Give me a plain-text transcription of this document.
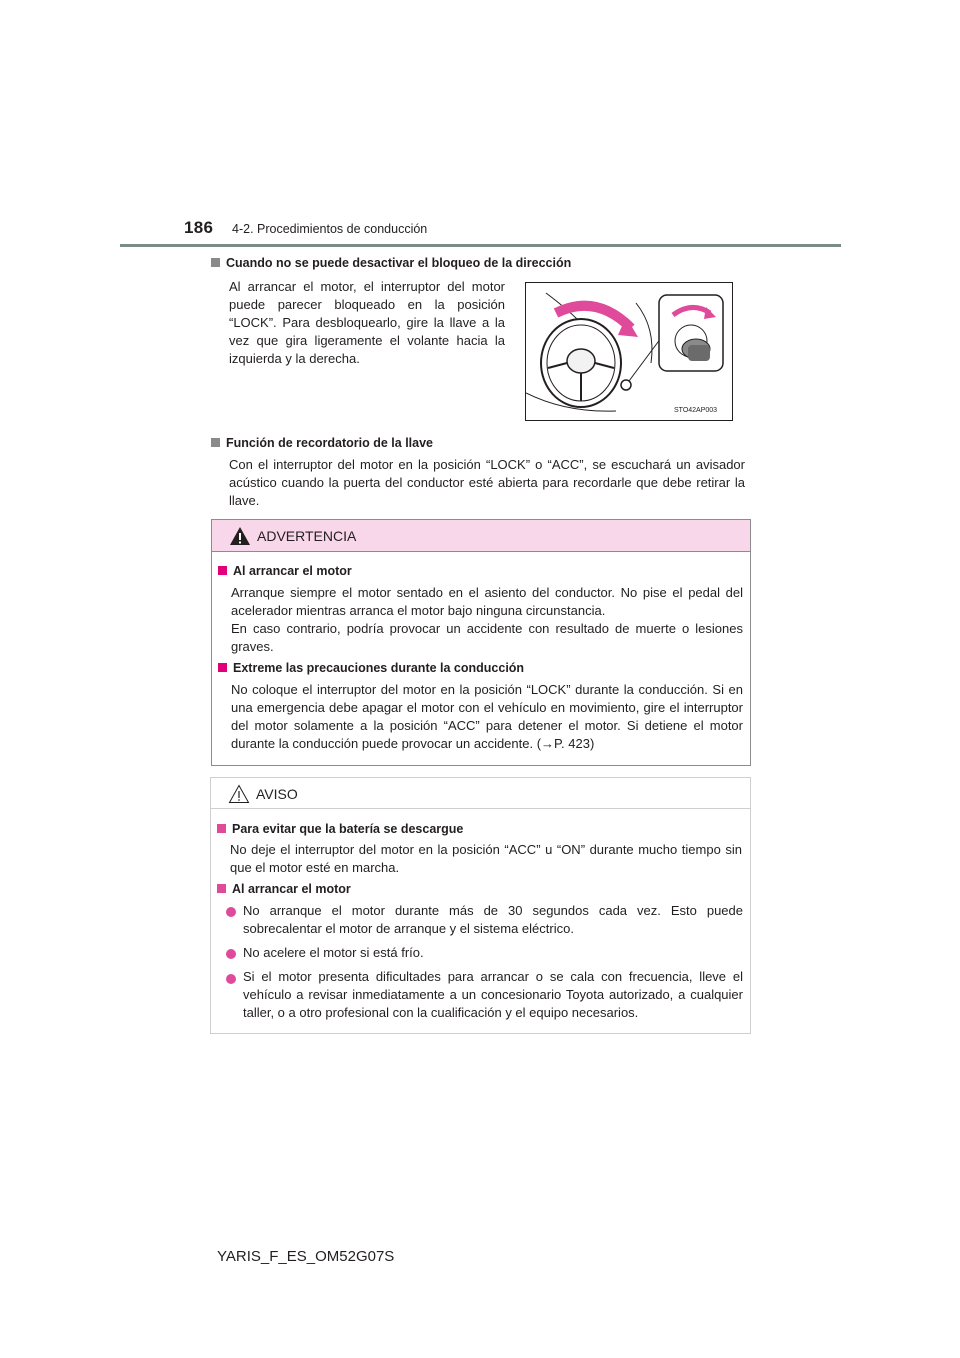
186 4-2. Procedimientos de conducción
Cuando no se puede desactivar el bloqueo de la dirección
Al arrancar el motor, el interruptor del motor puede parecer bloqueado en la posición “LOCK”. Para desbloquearlo, gire la llave a la vez que gira ligeramente el volante hacia la izquierda y la derecha.
STO42AP003
Función de recordatorio de la llave
Con el interruptor del motor en la posición “LOCK” o “ACC”, se escuchará un avisador acústico cuando la puerta del conductor esté abierta para recordarle que debe retirar la llave.
ADVERTENCIA
Al arrancar el motor
Arranque siempre el motor sentado en el asiento del conductor. No pise el pedal del acelerador mientras arranca el motor bajo ninguna circunstancia.
En caso contrario, podría provocar un accidente con resultado de muerte o lesiones graves.
Extreme las precauciones durante la conducción
No coloque el interruptor del motor en la posición “LOCK” durante la conducción. Si en una emergencia debe apagar el motor con el vehículo en movimiento, gire el interruptor del motor solamente a la posición “ACC” para detener el motor. Si detiene el motor durante la conducción puede provocar un accidente. (→P. 423)
AVISO
Para evitar que la batería se descargue
No deje el interruptor del motor en la posición “ACC” u “ON” durante mucho tiempo sin que el motor esté en marcha.
Al arrancar el motor
No arranque el motor durante más de 30 segundos cada vez. Esto puede sobrecalentar el motor de arranque y el sistema eléctrico.
No acelere el motor si está frío.
Si el motor presenta dificultades para arrancar o se cala con frecuencia, lleve el vehículo a revisar inmediatamente a un concesionario Toyota autorizado, a cualquier taller, o a otro profesional con la cualificación y el equipo necesarios.
YARIS_F_ES_OM52G07S
